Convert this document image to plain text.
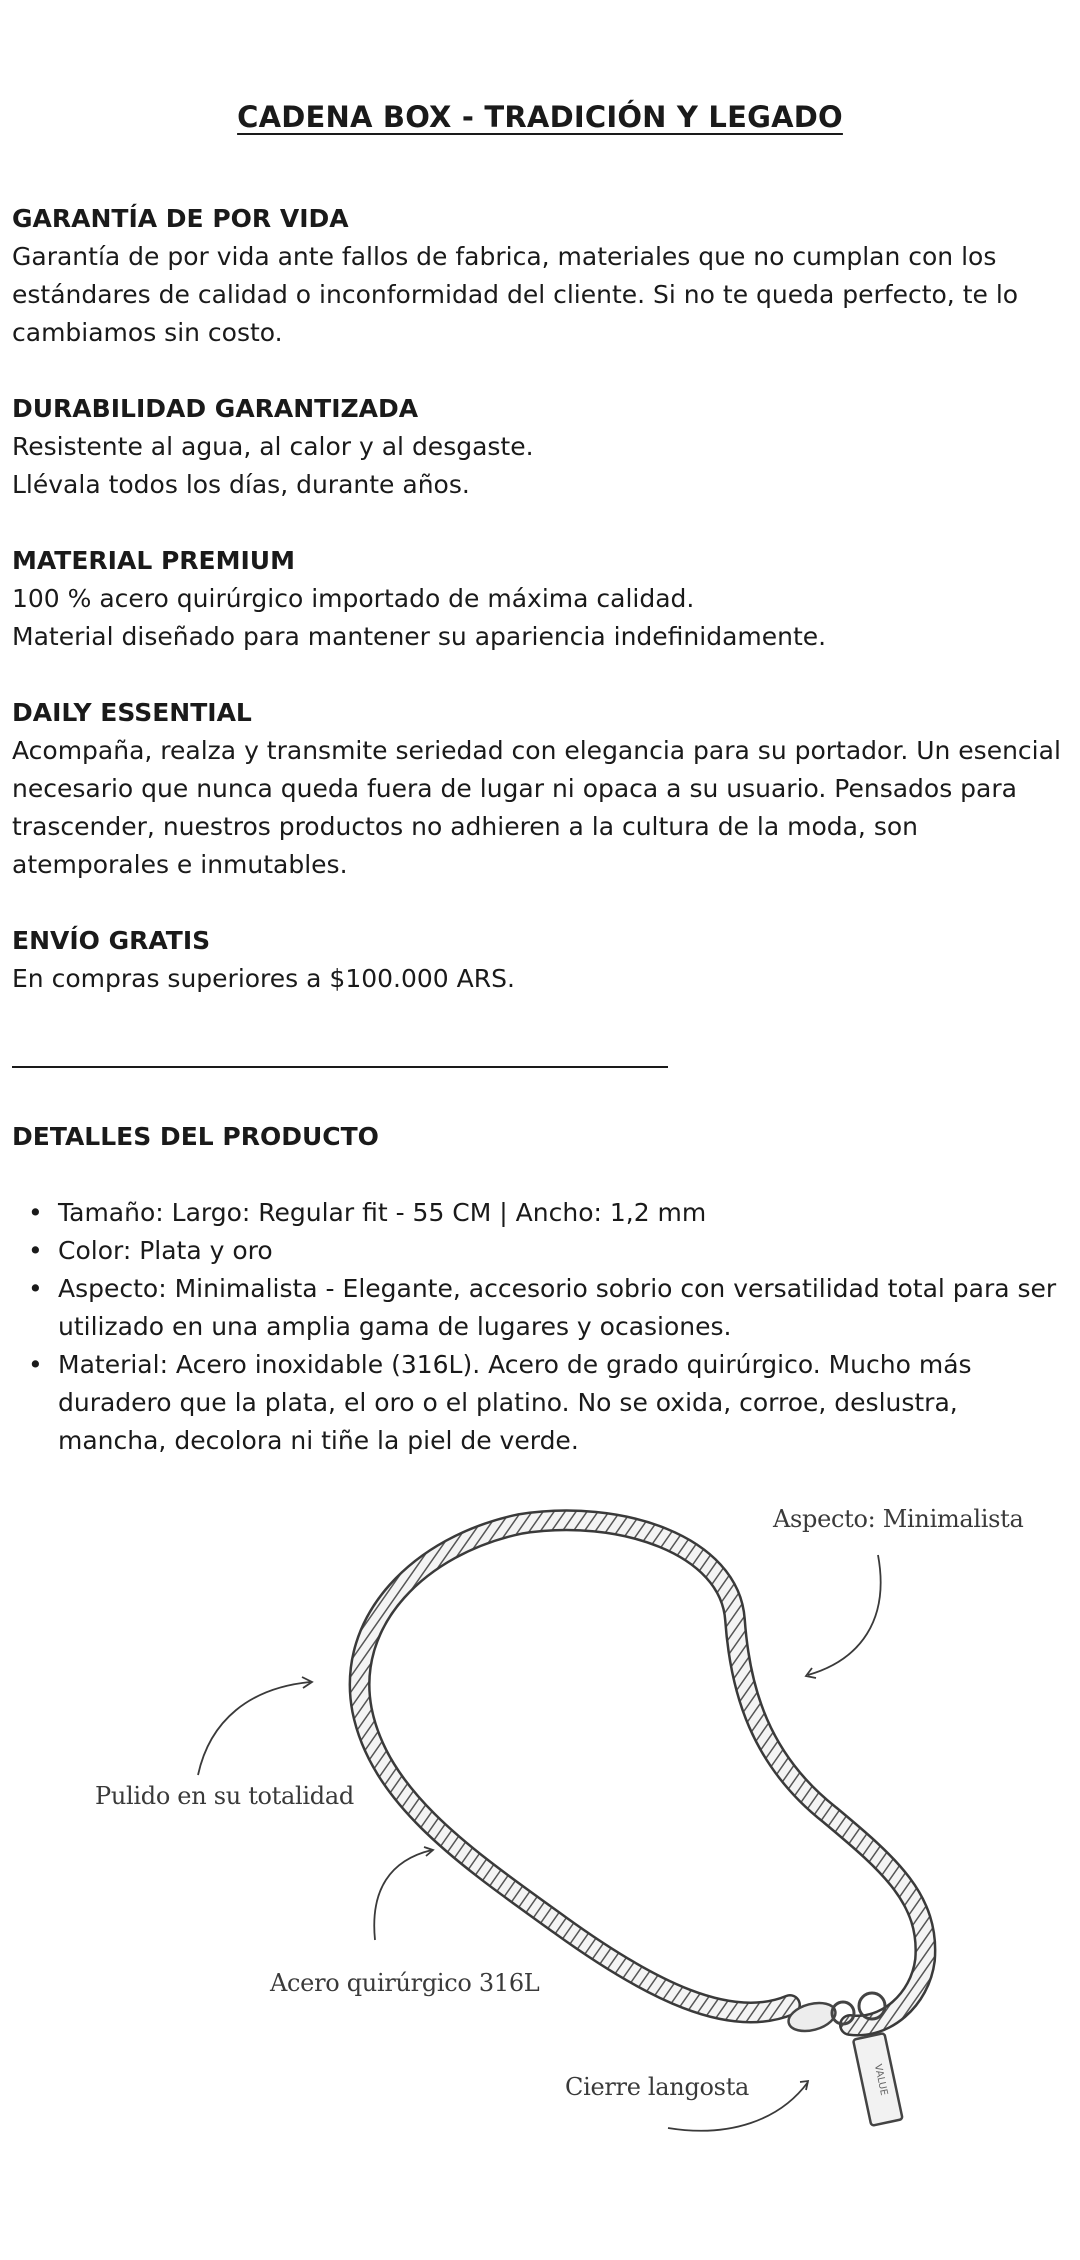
CADENA BOX - TRADICIÓN Y LEGADO
GARANTÍA DE POR VIDA
Garantía de por vida ante fallos de fabrica, materiales que no cumplan con los estándares de calidad o inconformidad del cliente. Si no te queda perfecto, te lo cambiamos sin costo.
DURABILIDAD GARANTIZADA
Resistente al agua, al calor y al desgaste.
Llévala todos los días, durante años.
MATERIAL PREMIUM
100 % acero quirúrgico importado de máxima calidad.
Material diseñado para mantener su apariencia indefinidamente.
DAILY ESSENTIAL
Acompaña, realza y transmite seriedad con elegancia para su portador. Un esencial necesario que nunca queda fuera de lugar ni opaca a su usuario. Pensados para trascender, nuestros productos no adhieren a la cultura de la moda, son atemporales e inmutables.
ENVÍO GRATIS
En compras superiores a $100.000 ARS.
DETALLES DEL PRODUCTO
• Tamaño: Largo: Regular fit - 55 CM | Ancho: 1,2 mm
• Color: Plata y oro
• Aspecto: Minimalista - Elegante, accesorio sobrio con versatilidad total para ser utilizado en una amplia gama de lugares y ocasiones.
• Material: Acero inoxidable (316L). Acero de grado quirúrgico. Mucho más duradero que la plata, el oro o el platino. No se oxida, corroe, deslustra, mancha, decolora ni tiñe la piel de verde.
VALUE
Aspecto: Minimalista
Pulido en su totalidad
Acero quirúrgico 316L
Cierre langosta
